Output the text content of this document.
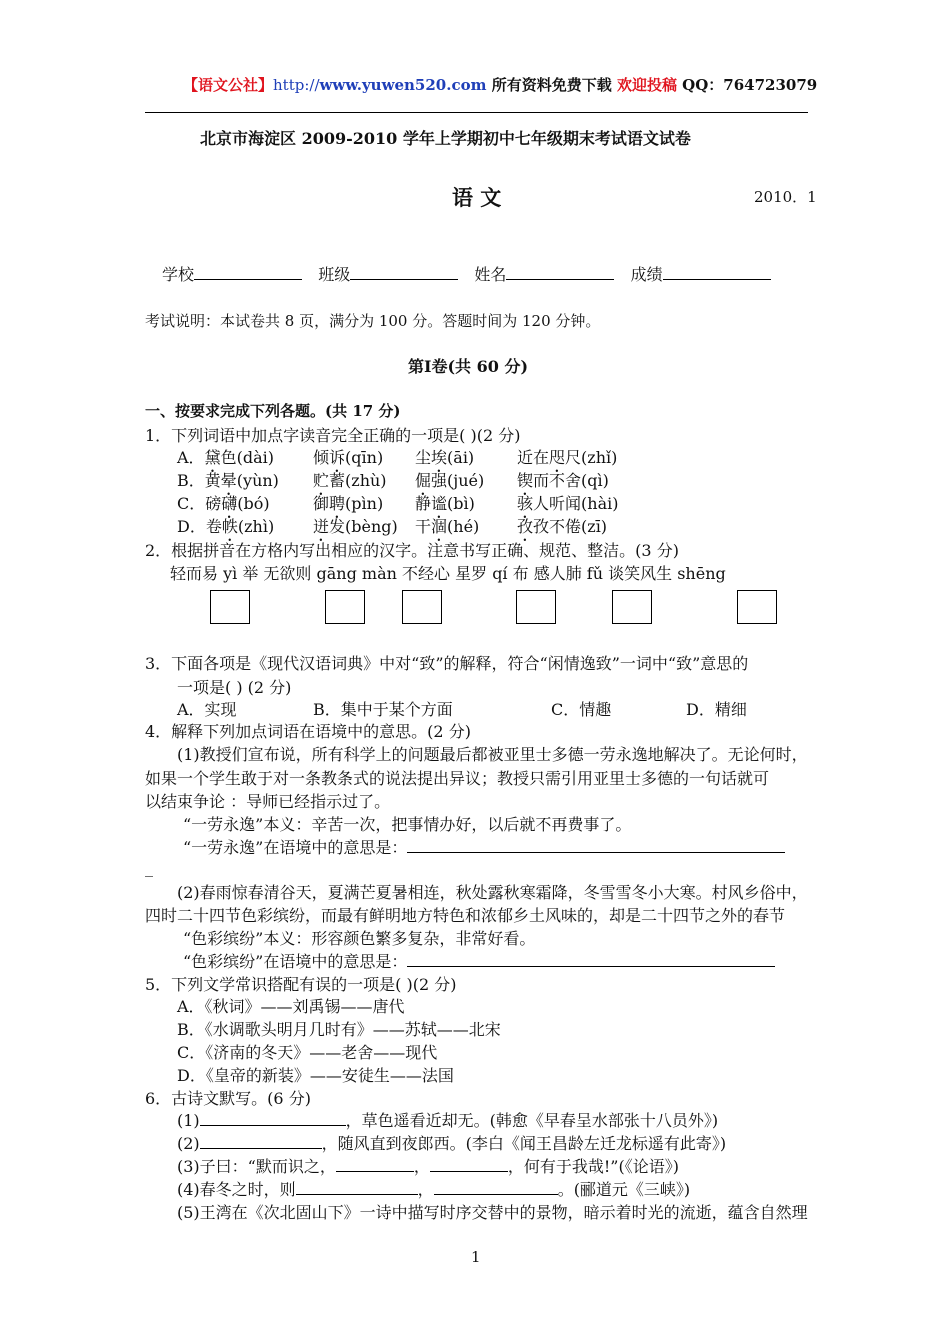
【语文公社】http://www.yuwen520.com 所有资料免费下载 欢迎投稿 QQ：764723079
北京市海淀区 2009-2010 学年上学期初中七年级期末考试语文试卷
语 文	2010．1
学校	班级	姓名	成绩
考试说明：本试卷共 8 页，满分为 100 分。答题时间为 120 分钟。
第Ⅰ卷(共 60 分)
一、按要求完成下列各题。(共 17 分)
1．下列词语中加点字读音完全正确的一项是( )(2 分)
A．黛色(dài)	倾诉(qīn)	尘埃(āi)	近在咫尺(zhǐ)
B．黄晕(yùn)	贮蓄(zhù)	倔强(jué)	锲而不舍(qì)
C．磅礴(bó)	御聘(pìn)	静谧(bì)	骇人听闻(hài)
D．卷帙(zhì)	迸发(bèng)	干涸(hé)	孜孜不倦(zī)
2．根据拼音在方格内写出相应的汉字。注意书写正确、规范、整洁。(3 分)
轻而易 yì 举 无欲则 gāng màn 不经心 星罗 qí 布 感人肺 fǔ 谈笑风生 shēng
3．下面各项是《现代汉语词典》中对“致”的解释，符合“闲情逸致”一词中“致”意思的
一项是( ) (2 分)
A．实现	B．集中于某个方面	C．情趣	D．精细
4．解释下列加点词语在语境中的意思。(2 分)
(1)教授们宣布说，所有科学上的问题最后都被亚里士多德一劳永逸地解决了。无论何时，
如果一个学生敢于对一条教条式的说法提出异议；教授只需引用亚里士多德的一句话就可
以结束争论 ：导师已经指示过了。
“一劳永逸”本义：辛苦一次，把事情办好，以后就不再费事了。
“一劳永逸”在语境中的意思是：
_
(2)春雨惊春清谷天，夏满芒夏暑相连，秋处露秋寒霜降，冬雪雪冬小大寒。村风乡俗中，
四时二十四节色彩缤纷，而最有鲜明地方特色和浓郁乡土风味的，却是二十四节之外的春节
“色彩缤纷”本义：形容颜色繁多复杂，非常好看。
“色彩缤纷”在语境中的意思是：
5．下列文学常识搭配有误的一项是( )(2 分)
A．《秋词》——刘禹锡——唐代
B．《水调歌头明月几时有》——苏轼——北宋
C．《济南的冬天》——老舍——现代
D．《皇帝的新装》——安徒生——法国
6．古诗文默写。(6 分)
(1)	，草色遥看近却无。(韩愈《早春呈水部张十八员外》)
(2)	，随风直到夜郎西。(李白《闻王昌龄左迁龙标遥有此寄》)
(3)子曰：“默而识之，	，	，何有于我哉!”(《论语》)
(4)春冬之时，则	，	。(郦道元《三峡》)
(5)王湾在《次北固山下》一诗中描写时序交替中的景物，暗示着时光的流逝，蕴含自然理
1
